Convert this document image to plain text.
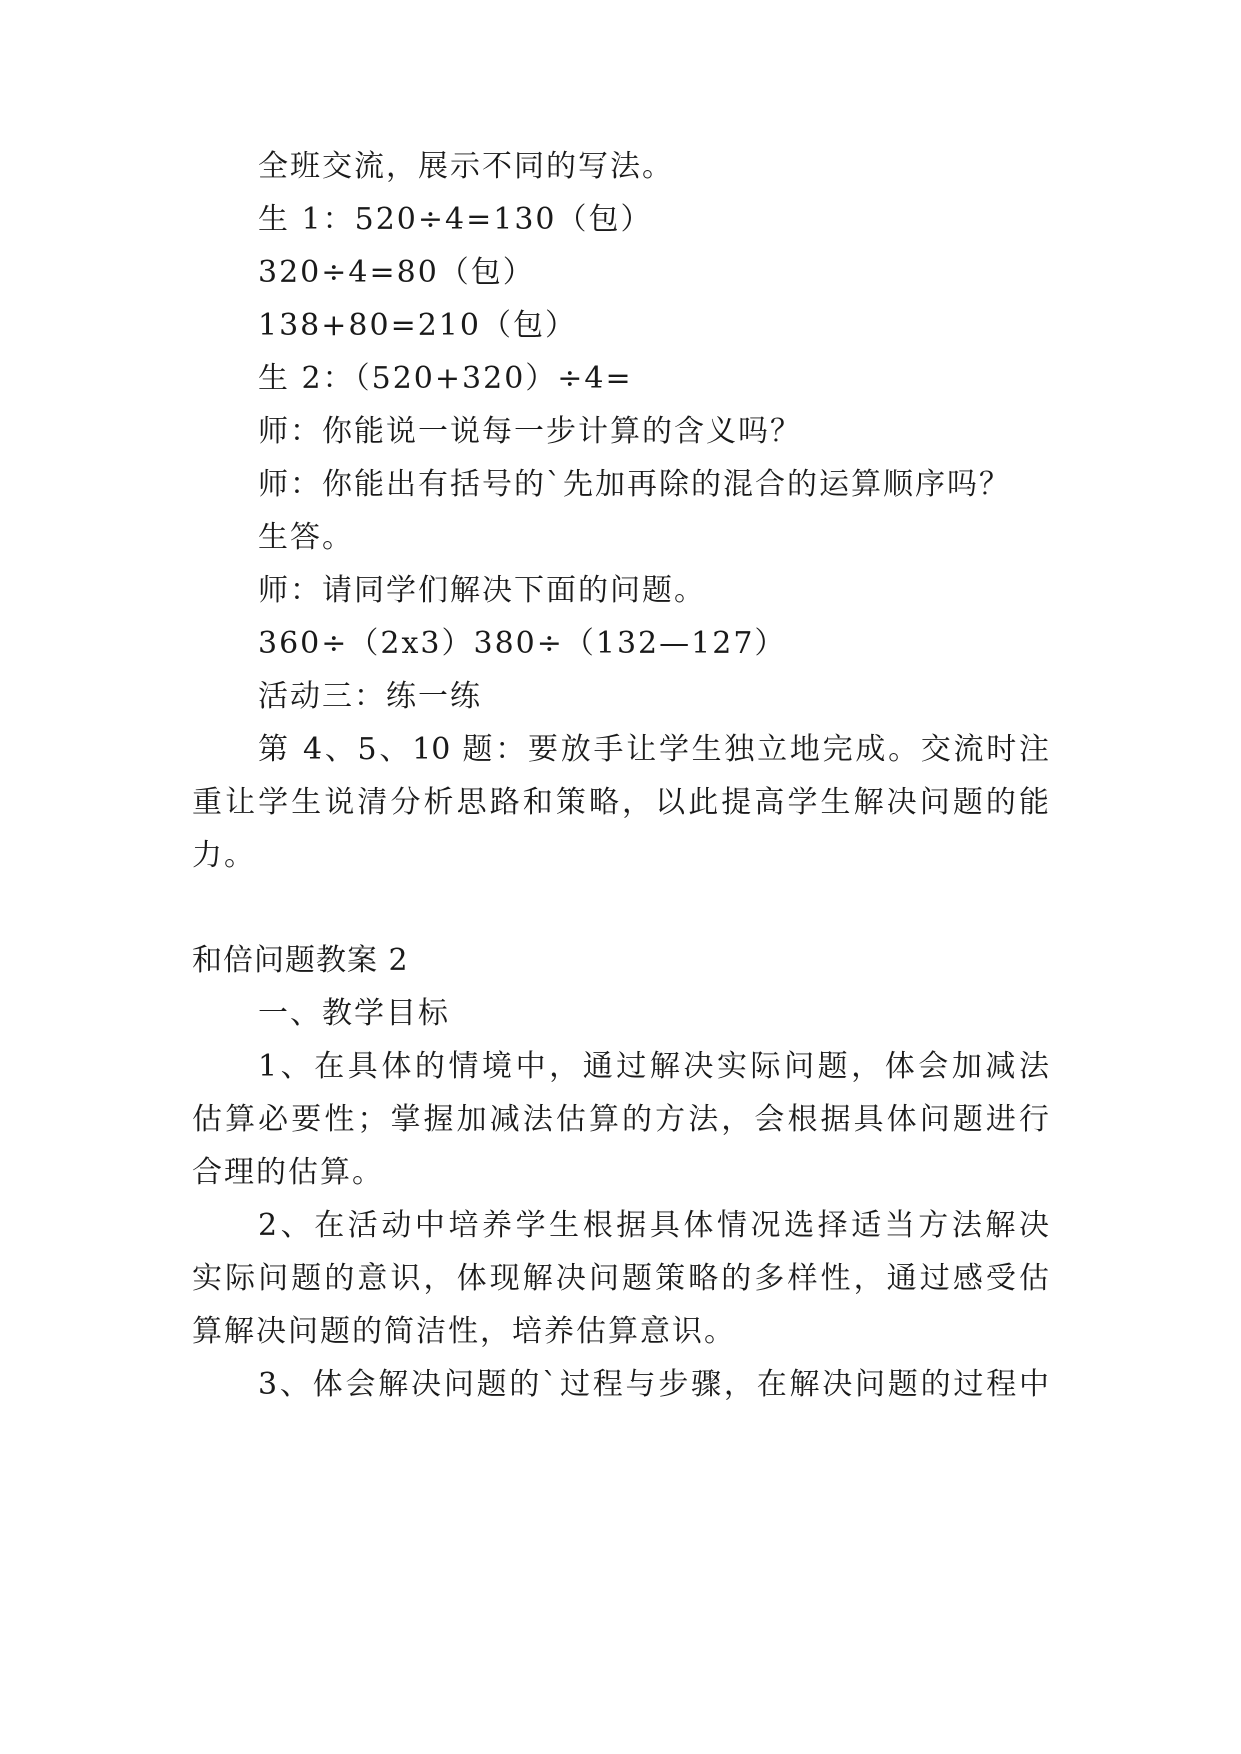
全班交流，展示不同的写法。
生 1：520÷4=130（包）
320÷4=80（包）
138+80=210（包）
生 2：（520+320）÷4=
师：你能说一说每一步计算的含义吗？
师：你能出有括号的`先加再除的混合的运算顺序吗？
生答。
师：请同学们解决下面的问题。
360÷（2x3）380÷（132—127）
活动三：练一练
第 4、5、10 题：要放手让学生独立地完成。交流时注
重让学生说清分析思路和策略，以此提高学生解决问题的能
力。
和倍问题教案 2
一、教学目标
1、在具体的情境中，通过解决实际问题，体会加减法
估算必要性；掌握加减法估算的方法，会根据具体问题进行
合理的估算。
2、在活动中培养学生根据具体情况选择适当方法解决
实际问题的意识，体现解决问题策略的多样性，通过感受估
算解决问题的简洁性，培养估算意识。
3、体会解决问题的`过程与步骤，在解决问题的过程中
